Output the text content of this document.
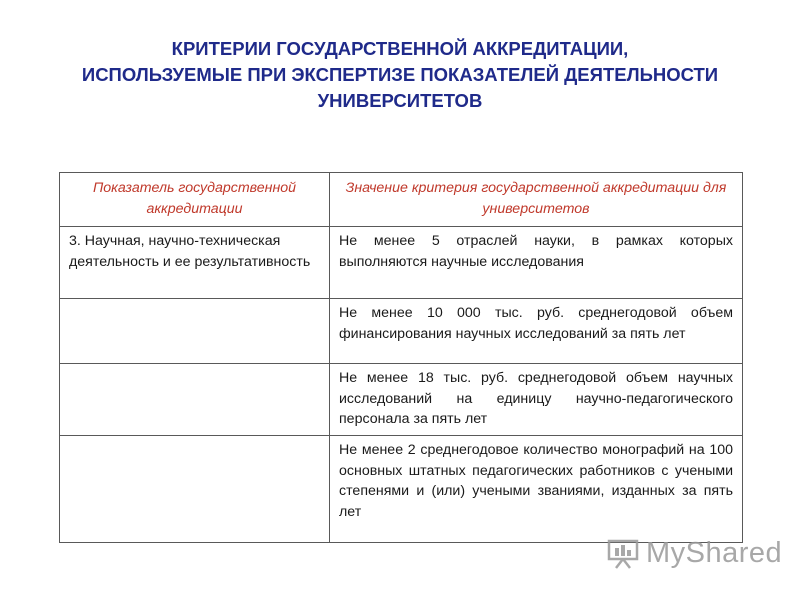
КРИТЕРИИ ГОСУДАРСТВЕННОЙ АККРЕДИТАЦИИ,
ИСПОЛЬЗУЕМЫЕ ПРИ ЭКСПЕРТИЗЕ ПОКАЗАТЕЛЕЙ ДЕЯТЕЛЬНОСТИ
УНИВЕРСИТЕТОВ
Показатель государственной аккредитации	Значение критерия государственной аккредитации для университетов
3. Научная, научно-техническая деятельность и ее результативность	Не менее 5 отраслей науки, в рамках которых выполняются научные исследования
	Не менее 10 000 тыс. руб. среднегодовой объем финансирования научных исследований за пять лет
	Не менее 18 тыс. руб. среднегодовой объем научных исследований на единицу научно-педагогического персонала за пять лет
	Не менее 2 среднегодовое количество монографий на 100 основных штатных педагогических работников с учеными степенями и (или) учеными званиями, изданных за пять лет
MyShared
